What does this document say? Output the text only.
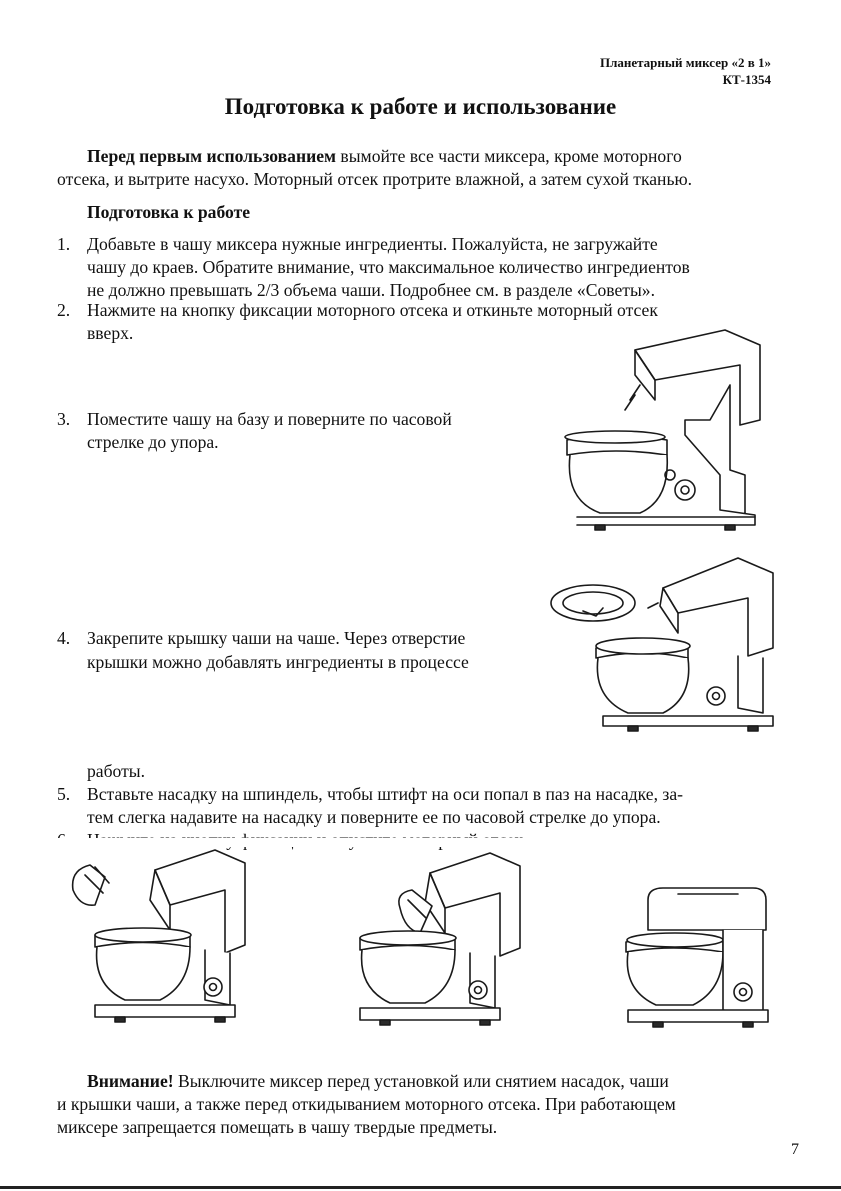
Планетарный миксер «2 в 1»
КТ-1354
Подготовка к работе и использование
Перед первым использованием вымойте все части миксера, кроме моторного
отсека, и вытрите насухо. Моторный отсек протрите влажной, а затем сухой тканью.
Подготовка к работе
1. Добавьте в чашу миксера нужные ингредиенты. Пожалуйста, не загружайте
чашу до краев. Обратите внимание, что максимальное количество ингредиентов
не должно превышать 2/3 объема чаши. Подробнее см. в разделе «Советы».
2. Нажмите на кнопку фиксации моторного отсека и откиньте моторный отсек
вверх.
3. Поместите чашу на базу и поверните по часовой
стрелке до упора.
4. Закрепите крышку чаши на чаше. Через отверстие
крышки можно добавлять ингредиенты в процессе
работы.
5. Вставьте насадку на шпиндель, чтобы штифт на оси попал в паз на насадке, за-
тем слегка надавите на насадку и поверните ее по часовой стрелке до упора.
Внимание! Выключите миксер перед установкой или снятием насадок, чаши
и крышки чаши, а также перед откидыванием моторного отсека. При работающем
миксере запрещается помещать в чашу твердые предметы.
7
